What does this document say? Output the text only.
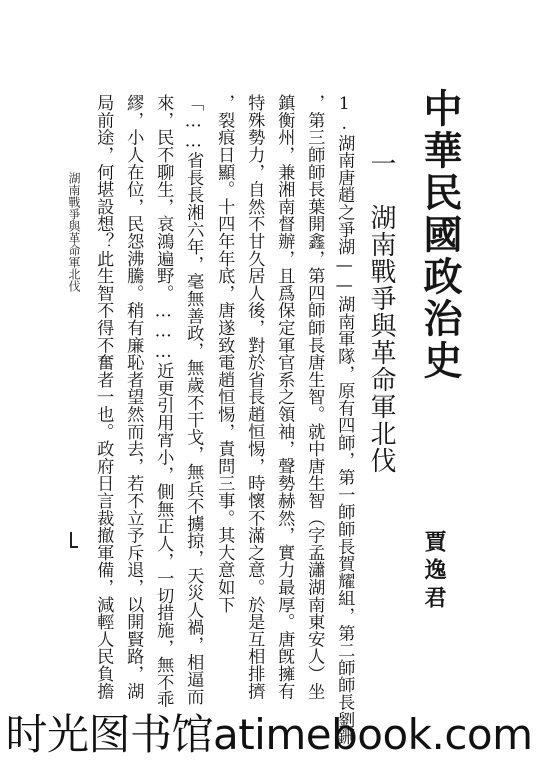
中華民國政治史
一　湖南戰爭與革命軍北伐
賈逸君
1.湖南唐趙之爭湖——湖南軍隊，原有四師，第一師師長賀耀組，第二師師長劉鉶
，第三師師長葉開鑫，第四師師長唐生智。就中唐生智（字孟瀟湖南東安人）坐
鎮衡州，兼湘南督辦，且爲保定軍官系之領袖，聲勢赫然，實力最厚。唐旣擁有
特殊勢力，自然不甘久居人後，對於省長趙恒惕，時懷不滿之意。於是互相排擠
，裂痕日顯。十四年年底，唐遂致電趙恒惕，責問三事。其大意如下
「……省長長湘六年，毫無善政，無歲不干戈，無兵不擄掠，天災人禍，相逼而
來，民不聊生，哀鴻遍野。………近更引用宵小，側無正人，一切措施，無不乖
繆，小人在位，民怨沸騰。稍有廉恥者望然而去，若不立予斥退，以開賢路，湖
局前途，何堪設想？此生智不得不奮者一也。政府日言裁撤軍備，減輕人民負擔
湖南戰爭與革命軍北伐
时光图书馆atimebook.com
